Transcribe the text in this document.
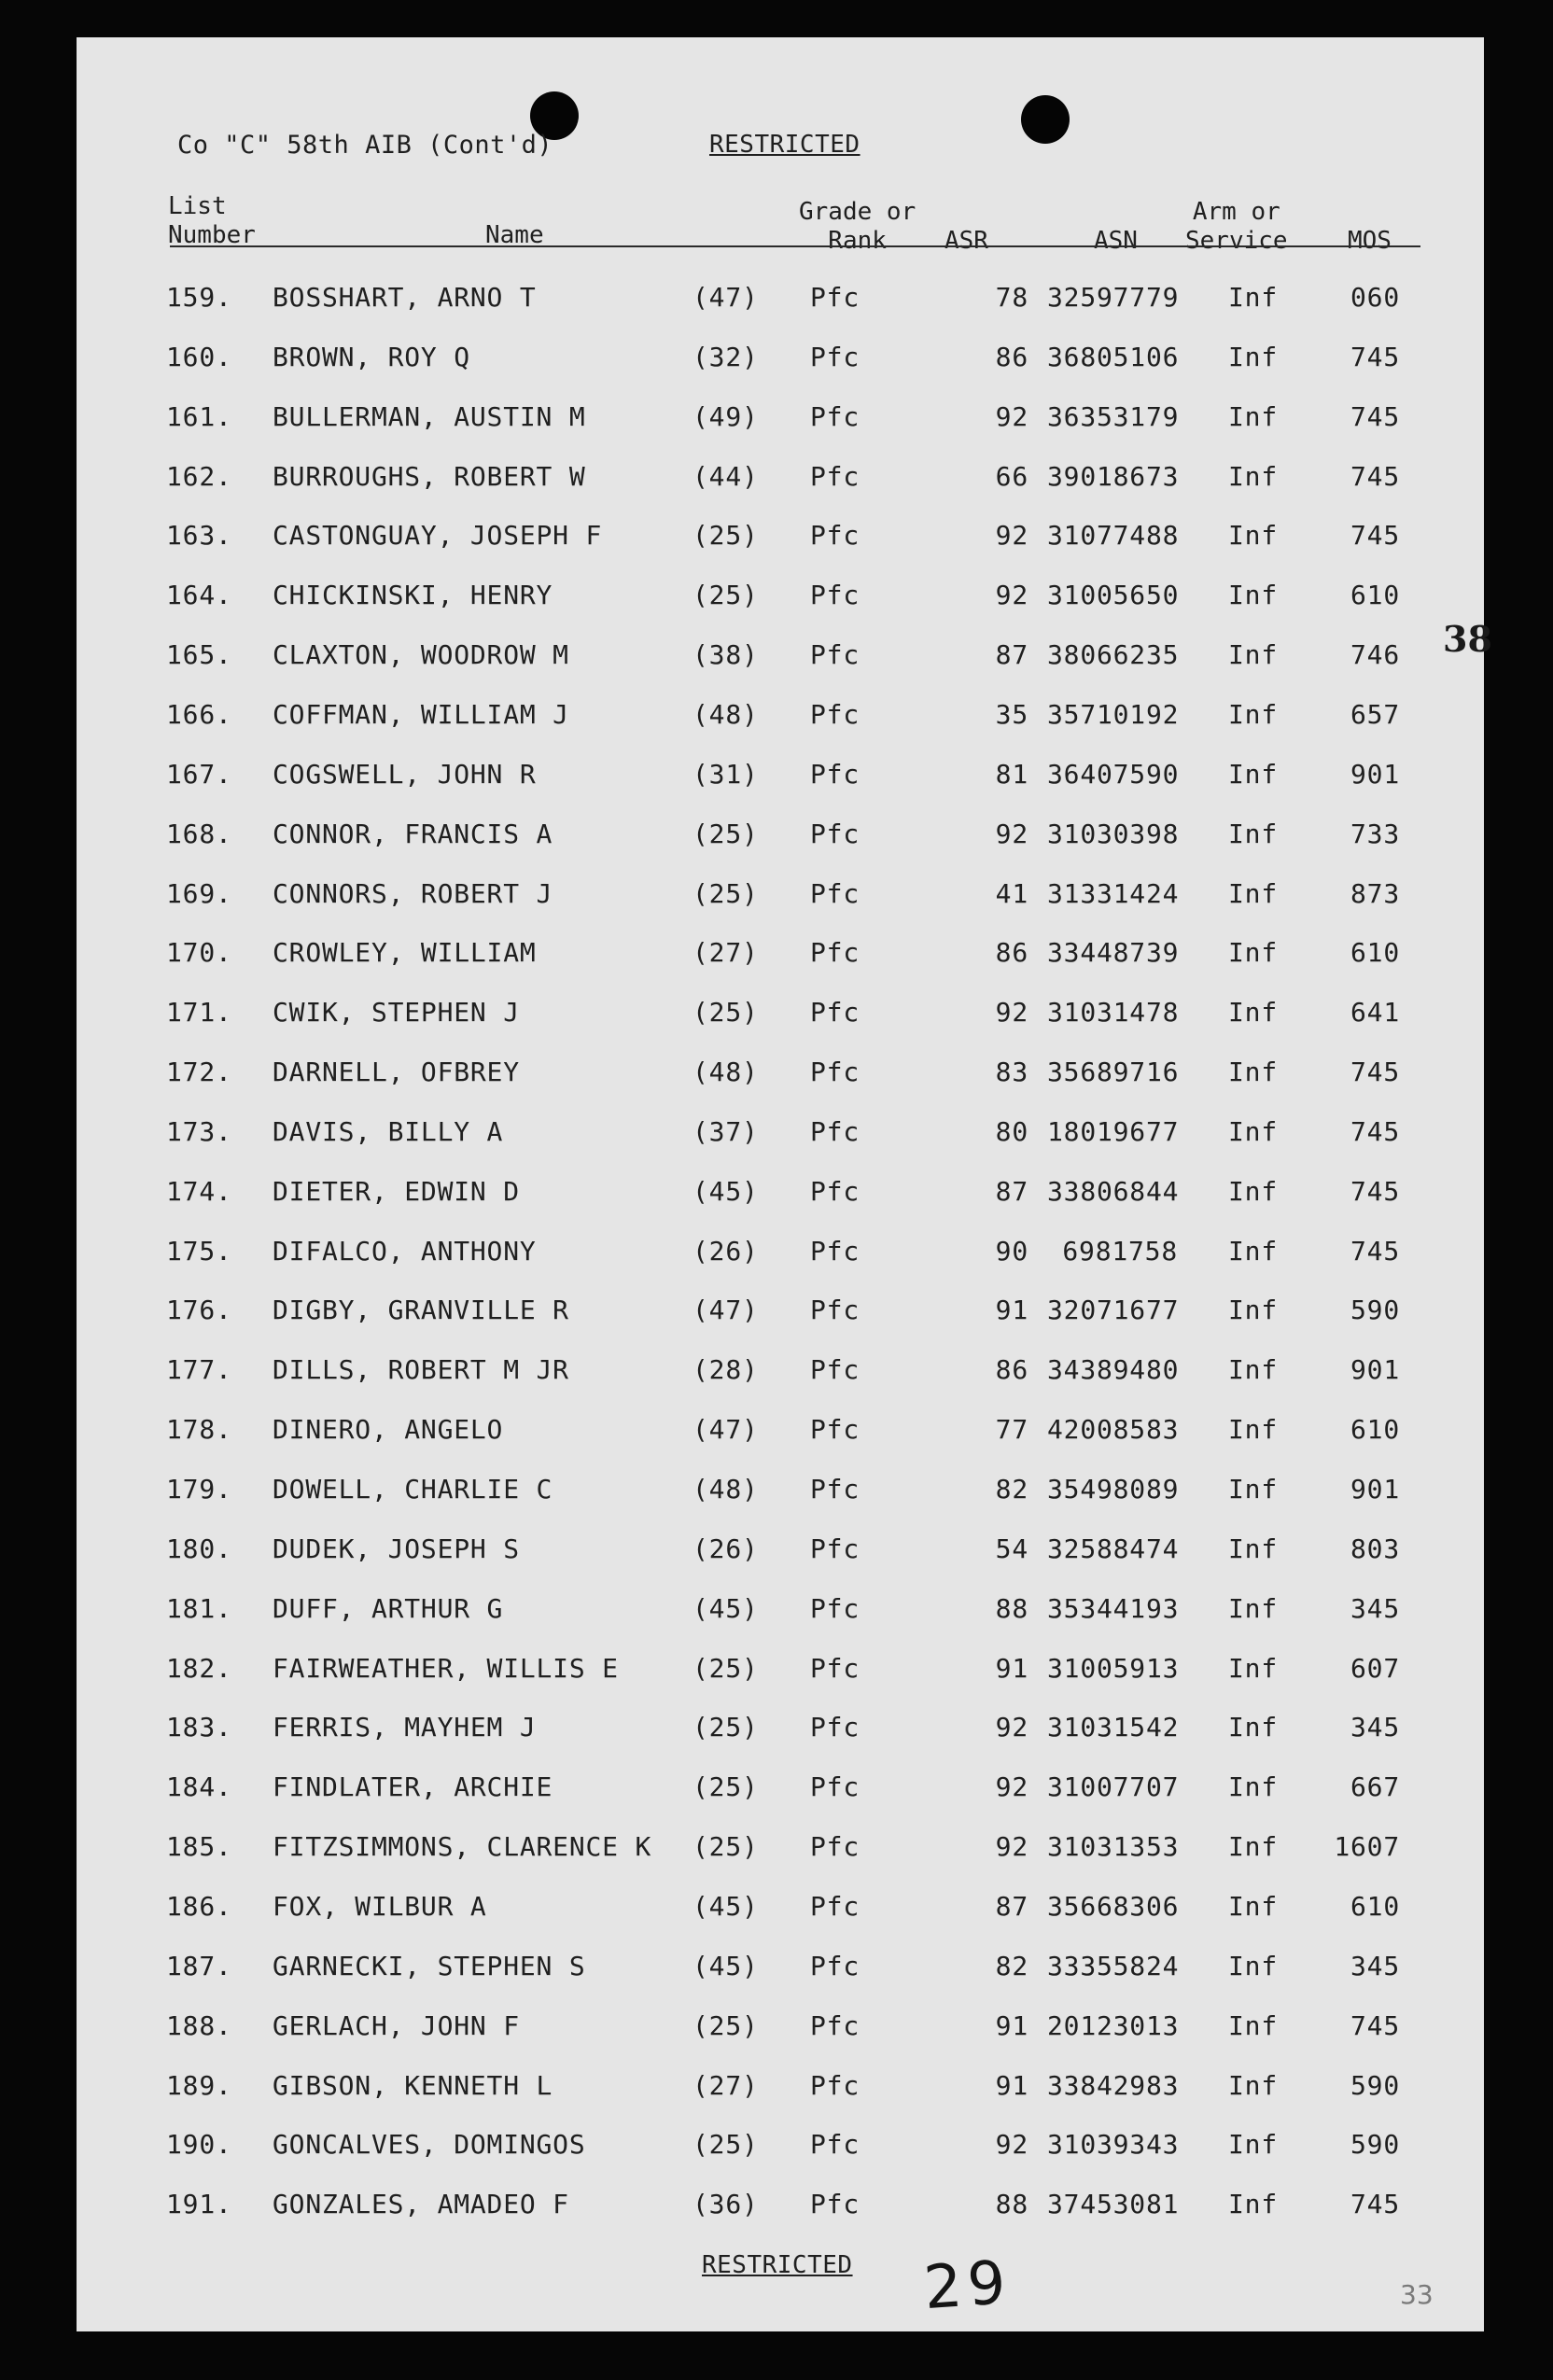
Co "C" 58th AIB (Cont'd)	RESTRICTED
List
Number	Name
Grade or
Rank	ASR	ASN
Arm or
Service MOS
159. BOSSHART, ARNO T	(47) Pfc	78 32597779 Inf	060
160. BROWN, ROY Q	(32) Pfc	86 36805106 Inf	745
161. BULLERMAN, AUSTIN M	(49) Pfc	92 36353179 Inf	745
162. BURROUGHS, ROBERT W	(44) Pfc	66 39018673 Inf	745
163. CASTONGUAY, JOSEPH F	(25) Pfc	92 31077488 Inf	745
164. CHICKINSKI, HENRY	(25) Pfc	92 31005650 Inf	610
165. CLAXTON, WOODROW M	(38) Pfc	87 38066235 Inf	746
166. COFFMAN, WILLIAM J	(48) Pfc	35 35710192 Inf	657
167. COGSWELL, JOHN R	(31) Pfc	81 36407590 Inf	901
168. CONNOR, FRANCIS A	(25) Pfc	92 31030398 Inf	733
169. CONNORS, ROBERT J	(25) Pfc	41 31331424 Inf	873
170. CROWLEY, WILLIAM	(27) Pfc	86 33448739 Inf	610
171. CWIK, STEPHEN J	(25) Pfc	92 31031478 Inf	641
172. DARNELL, OFBREY	(48) Pfc	83 35689716 Inf	745
173. DAVIS, BILLY A	(37) Pfc	80 18019677 Inf	745
174. DIETER, EDWIN D	(45) Pfc	87 33806844 Inf	745
175. DIFALCO, ANTHONY	(26) Pfc	90	6981758 Inf	745
176. DIGBY, GRANVILLE R	(47) Pfc	91 32071677 Inf	590
177. DILLS, ROBERT M JR	(28) Pfc	86 34389480 Inf	901
178. DINERO, ANGELO	(47) Pfc	77 42008583 Inf	610
179. DOWELL, CHARLIE C	(48) Pfc	82 35498089 Inf	901
180. DUDEK, JOSEPH S	(26) Pfc	54 32588474 Inf	803
181. DUFF, ARTHUR G	(45) Pfc	88 35344193 Inf	345
182. FAIRWEATHER, WILLIS E	(25) Pfc	91 31005913 Inf	607
183. FERRIS, MAYHEM J	(25) Pfc	92 31031542 Inf	345
184. FINDLATER, ARCHIE	(25) Pfc	92 31007707 Inf	667
185. FITZSIMMONS, CLARENCE K (25) Pfc	92 31031353 Inf	1607
186. FOX, WILBUR A	(45) Pfc	87 35668306 Inf	610
187. GARNECKI, STEPHEN S	(45) Pfc	82 33355824 Inf	345
188. GERLACH, JOHN F	(25) Pfc	91 20123013 Inf	745
189. GIBSON, KENNETH L	(27) Pfc	91 33842983 Inf	590
190. GONCALVES, DOMINGOS	(25) Pfc	92 31039343 Inf	590
191. GONZALES, AMADEO F	(36) Pfc	88 37453081 Inf	745
38
RESTRICTED 29	33
